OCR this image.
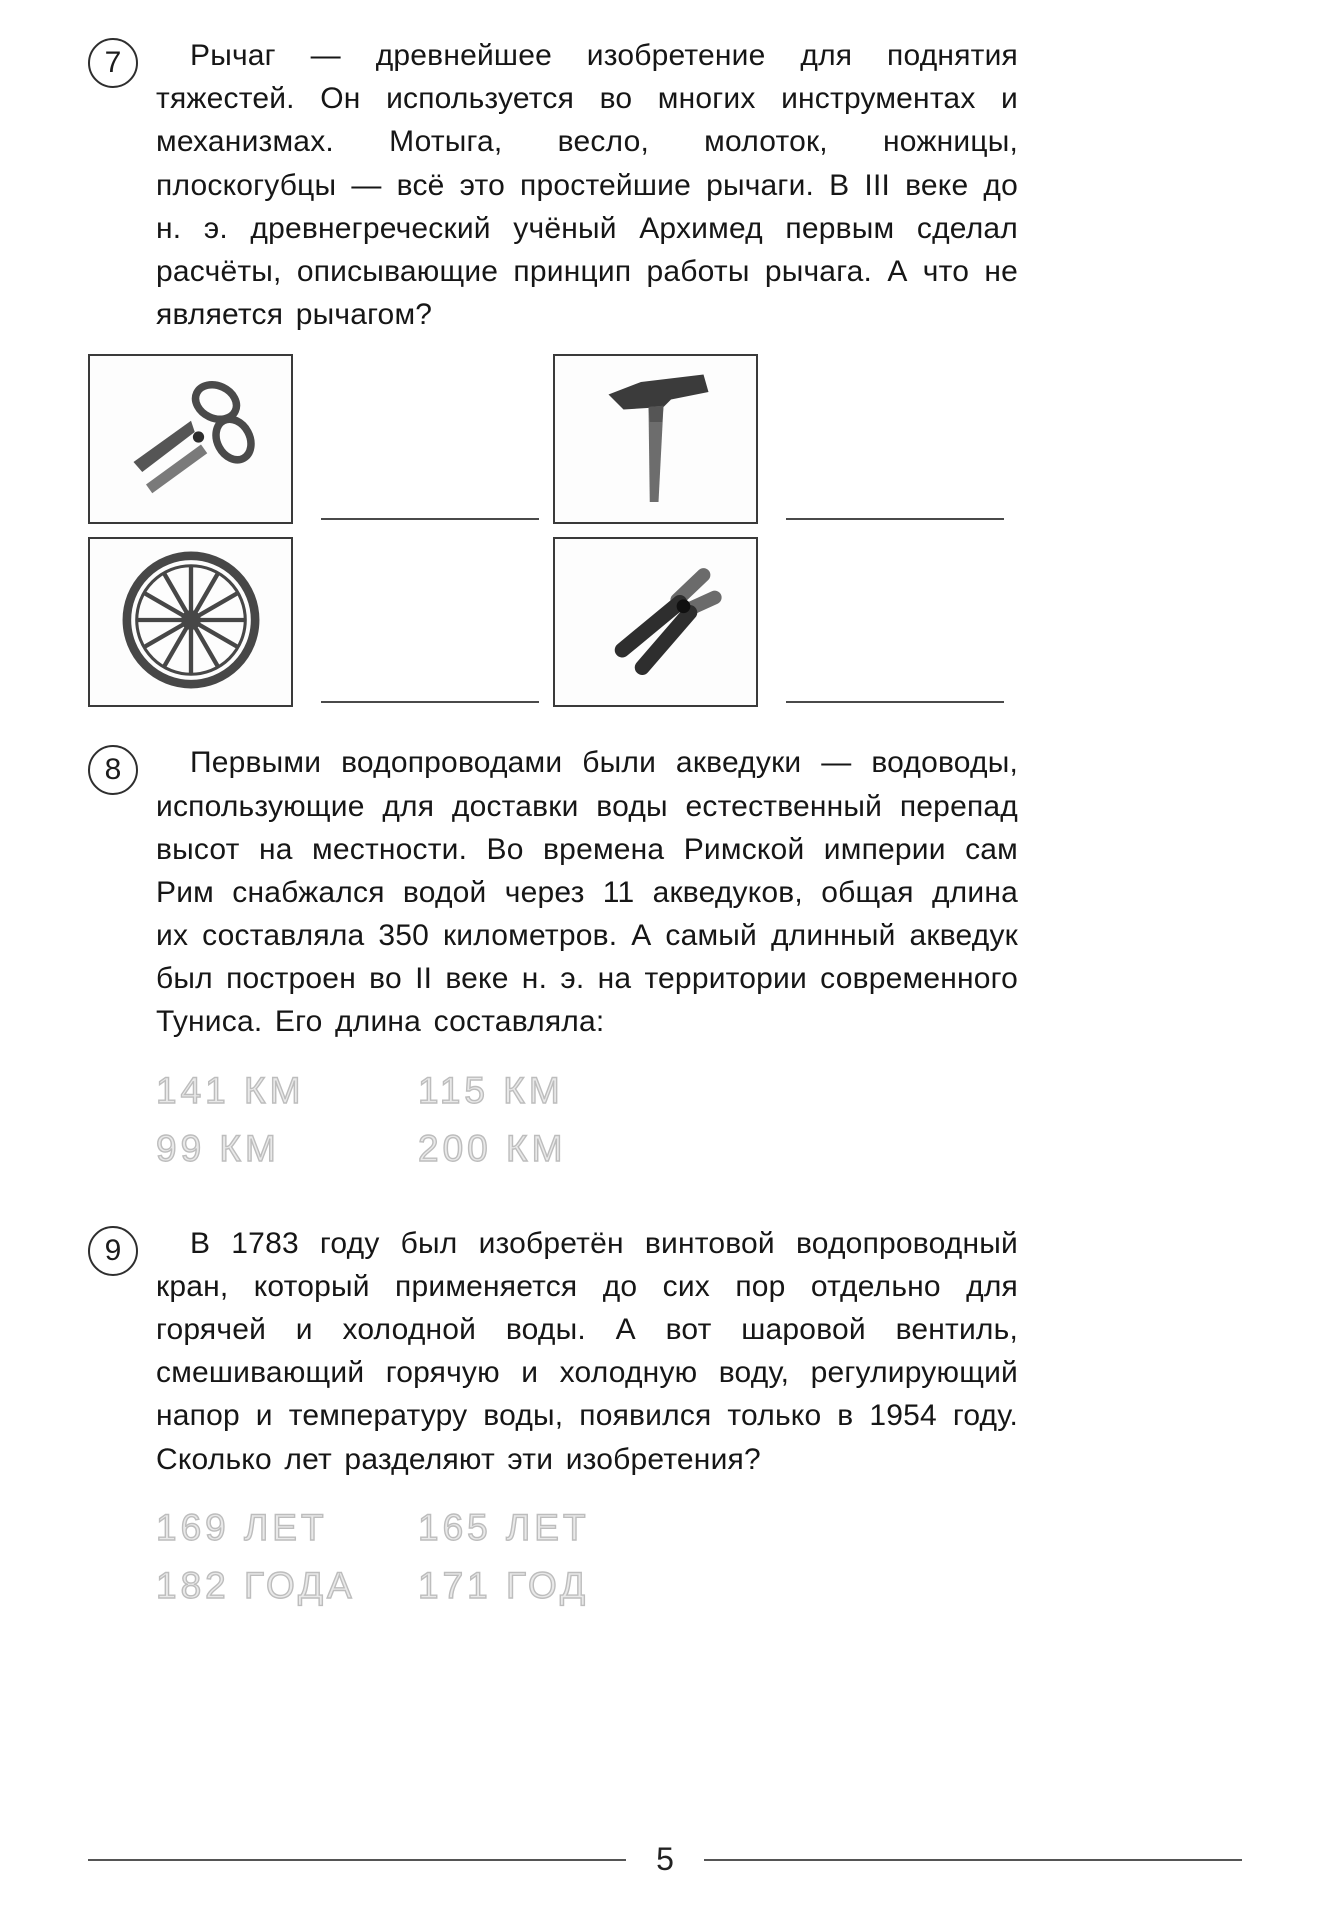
7	Рычаг — древнейшее изобретение для поднятия тяжестей. Он используется во многих инструментах и механизмах. Мотыга, весло, молоток, ножницы, плоскогубцы — всё это простейшие рычаги. В III веке до н. э. древнегреческий учёный Архимед первым сделал расчёты, описывающие принцип работы рычага. А что не является рычагом?

8	Первыми водопроводами были акведуки — водоводы, использующие для доставки воды естественный перепад высот на местности. Во времена Римской империи сам Рим снабжался водой через 11 акведуков, общая длина их составляла 350 километров. А самый длинный акведук был построен во II веке н. э. на территории современного Туниса. Его длина составляла:

141 КМ	115 КМ
99 КМ	200 КМ
9	В 1783 году был изобретён винтовой водопроводный кран, который применяется до сих пор отдельно для горячей и холодной воды. А вот шаровой вентиль, смешивающий горячую и холодную воду, регулирующий напор и температуру воды, появился только в 1954 году. Сколько лет разделяют эти изобретения?

169 ЛЕТ	165 ЛЕТ
182 ГОДА	171 ГОД
5
